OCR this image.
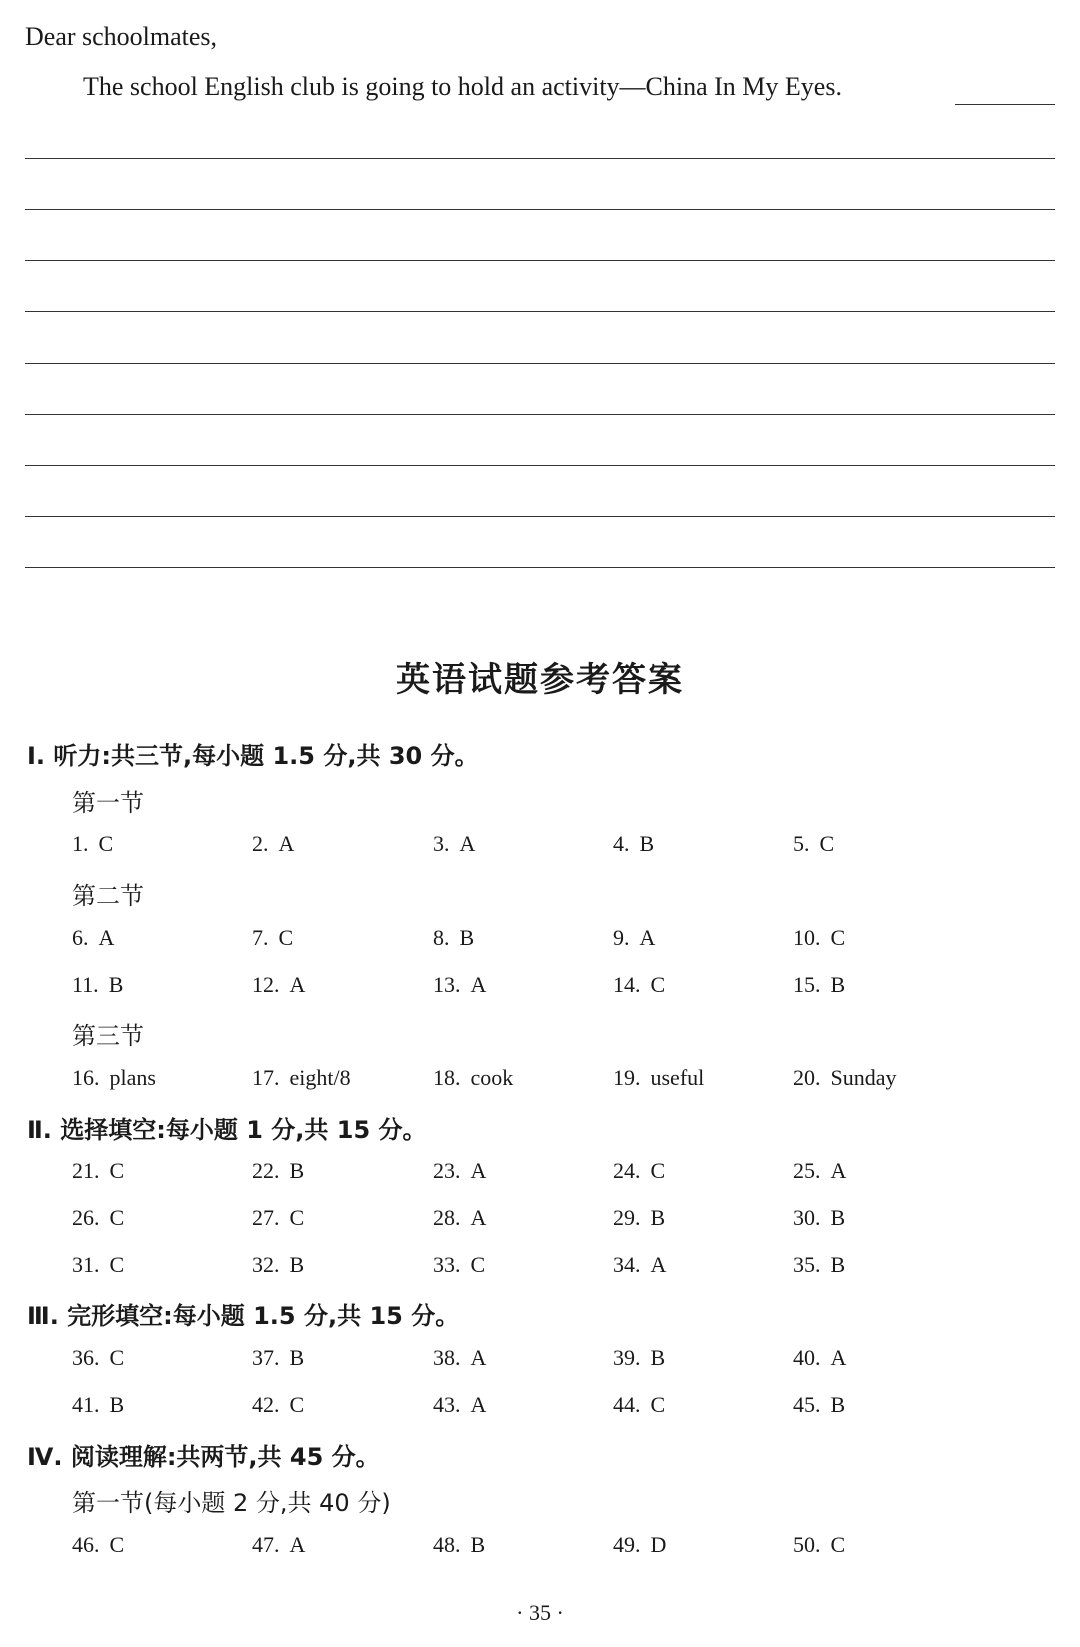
Dear schoolmates,
The school English club is going to hold an activity—China In My Eyes.
英语试题参考答案
Ⅰ. 听力:共三节,每小题 1.5 分,共 30 分。
第一节
1. C	2. A	3. A	4. B	5. C
第二节
6. A	7. C	8. B	9. A	10. C
11. B	12. A	13. A	14. C	15. B
第三节
16. plans	17. eight/8	18. cook	19. useful	20. Sunday
Ⅱ. 选择填空:每小题 1 分,共 15 分。
21. C	22. B	23. A	24. C	25. A
26. C	27. C	28. A	29. B	30. B
31. C	32. B	33. C	34. A	35. B
Ⅲ. 完形填空:每小题 1.5 分,共 15 分。
36. C	37. B	38. A	39. B	40. A
41. B	42. C	43. A	44. C	45. B
Ⅳ. 阅读理解:共两节,共 45 分。
第一节(每小题 2 分,共 40 分)
46. C	47. A	48. B	49. D	50. C
· 35 ·
